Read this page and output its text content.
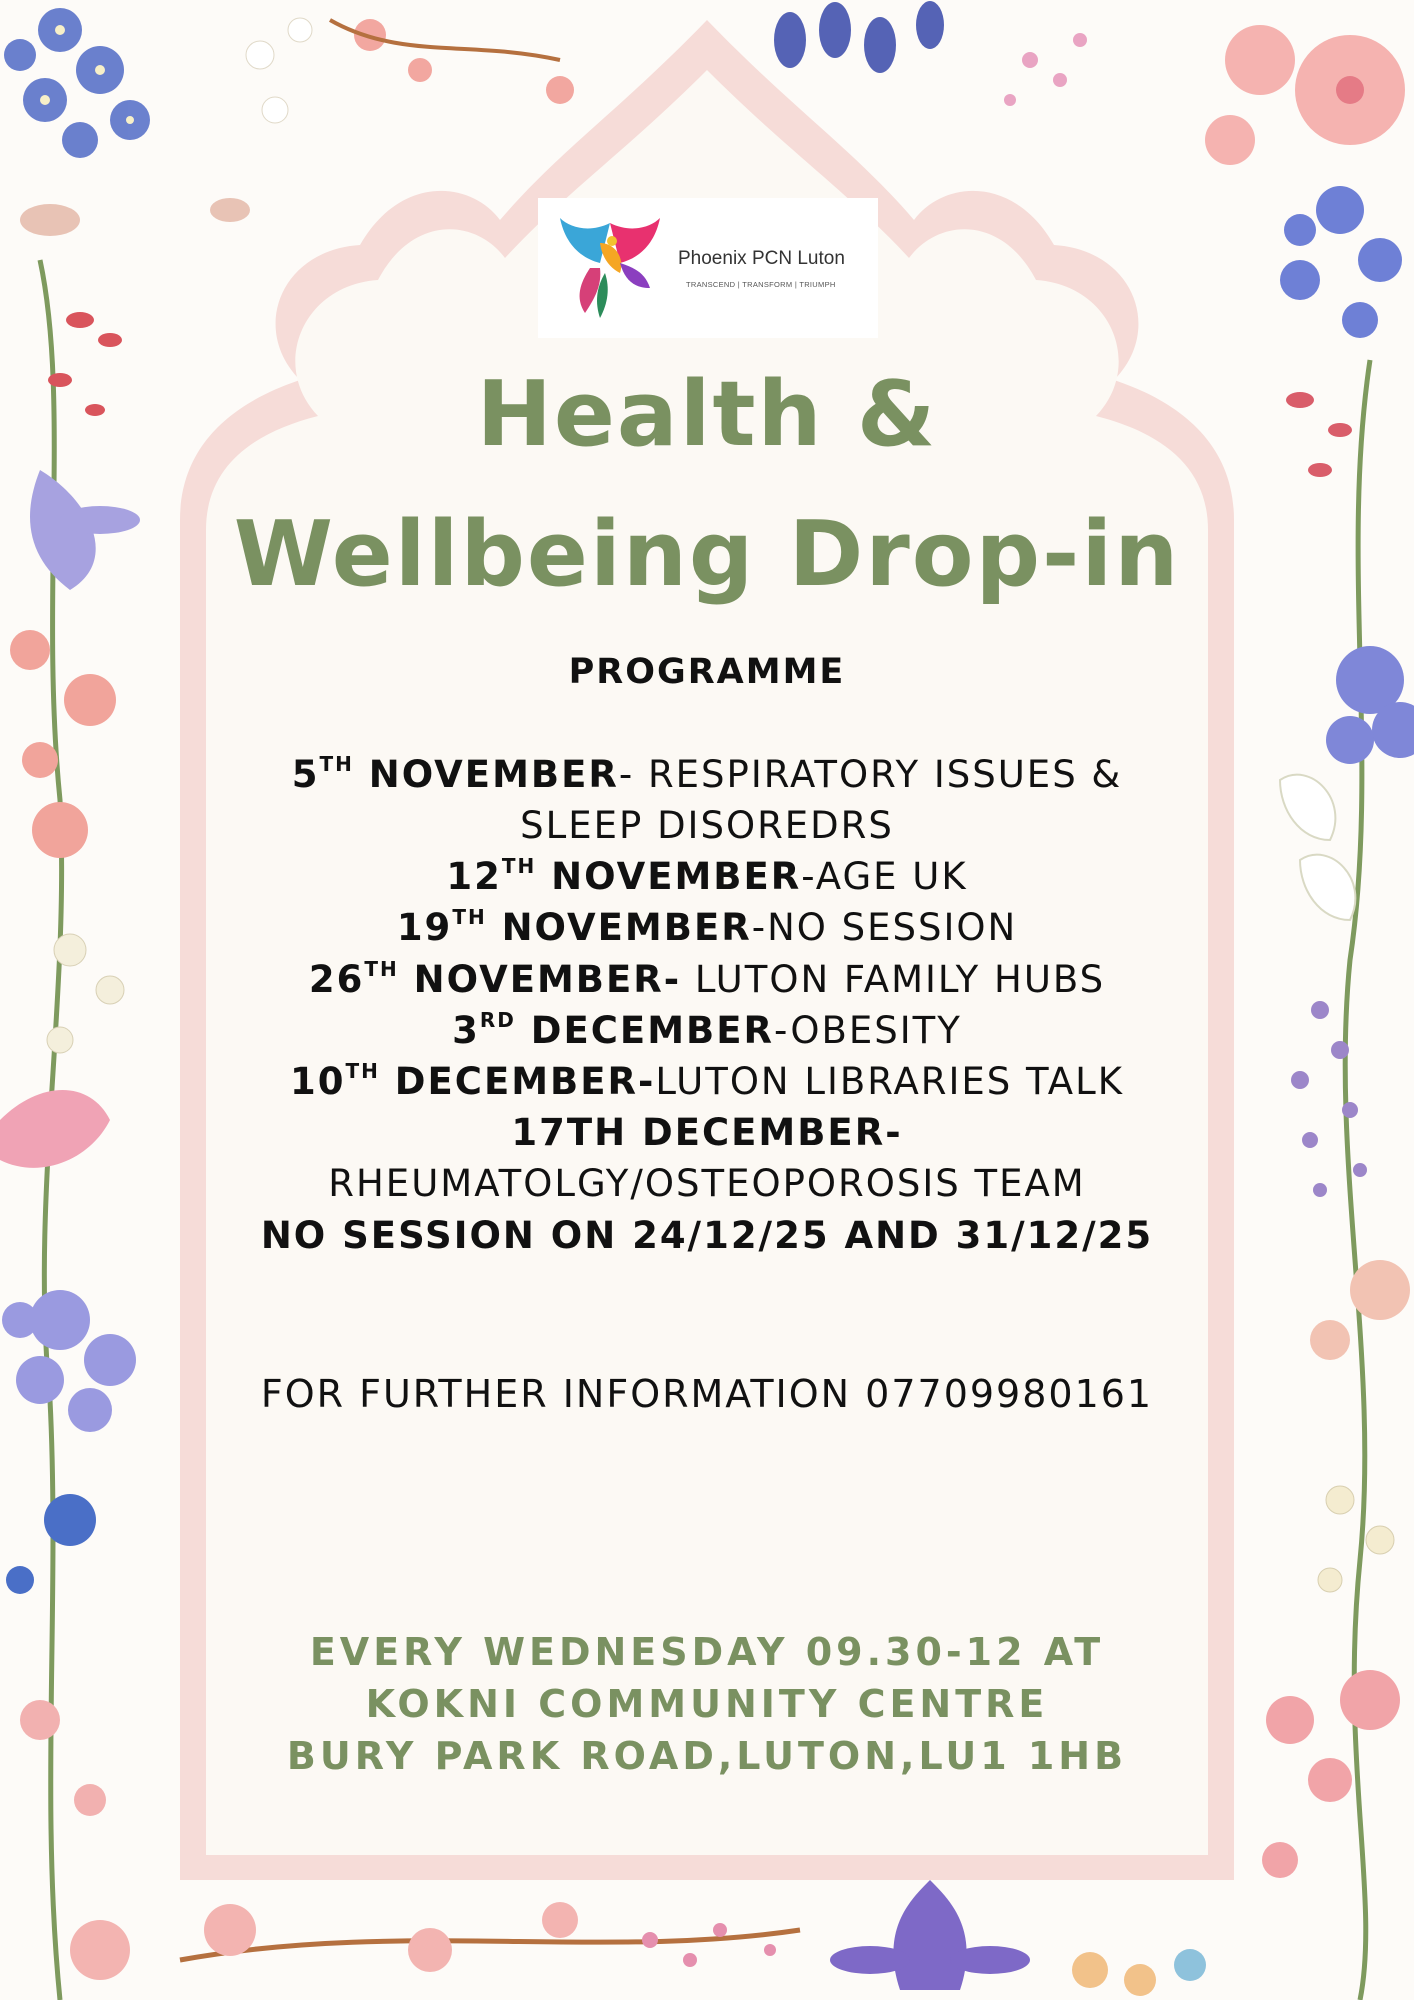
Phoenix PCN Luton
TRANSCEND | TRANSFORM | TRIUMPH
Health &
Wellbeing Drop-in
PROGRAMME
5TH NOVEMBER- RESPIRATORY ISSUES &
SLEEP DISOREDRS
12TH NOVEMBER-AGE UK
19TH NOVEMBER-NO SESSION
26TH NOVEMBER- LUTON FAMILY HUBS
3RD DECEMBER-OBESITY
10TH DECEMBER-LUTON LIBRARIES TALK
17TH DECEMBER-
RHEUMATOLGY/OSTEOPOROSIS TEAM
NO SESSION ON 24/12/25 AND 31/12/25
FOR FURTHER INFORMATION 07709980161
EVERY WEDNESDAY 09.30-12 AT
KOKNI COMMUNITY CENTRE
BURY PARK ROAD,LUTON,LU1 1HB
